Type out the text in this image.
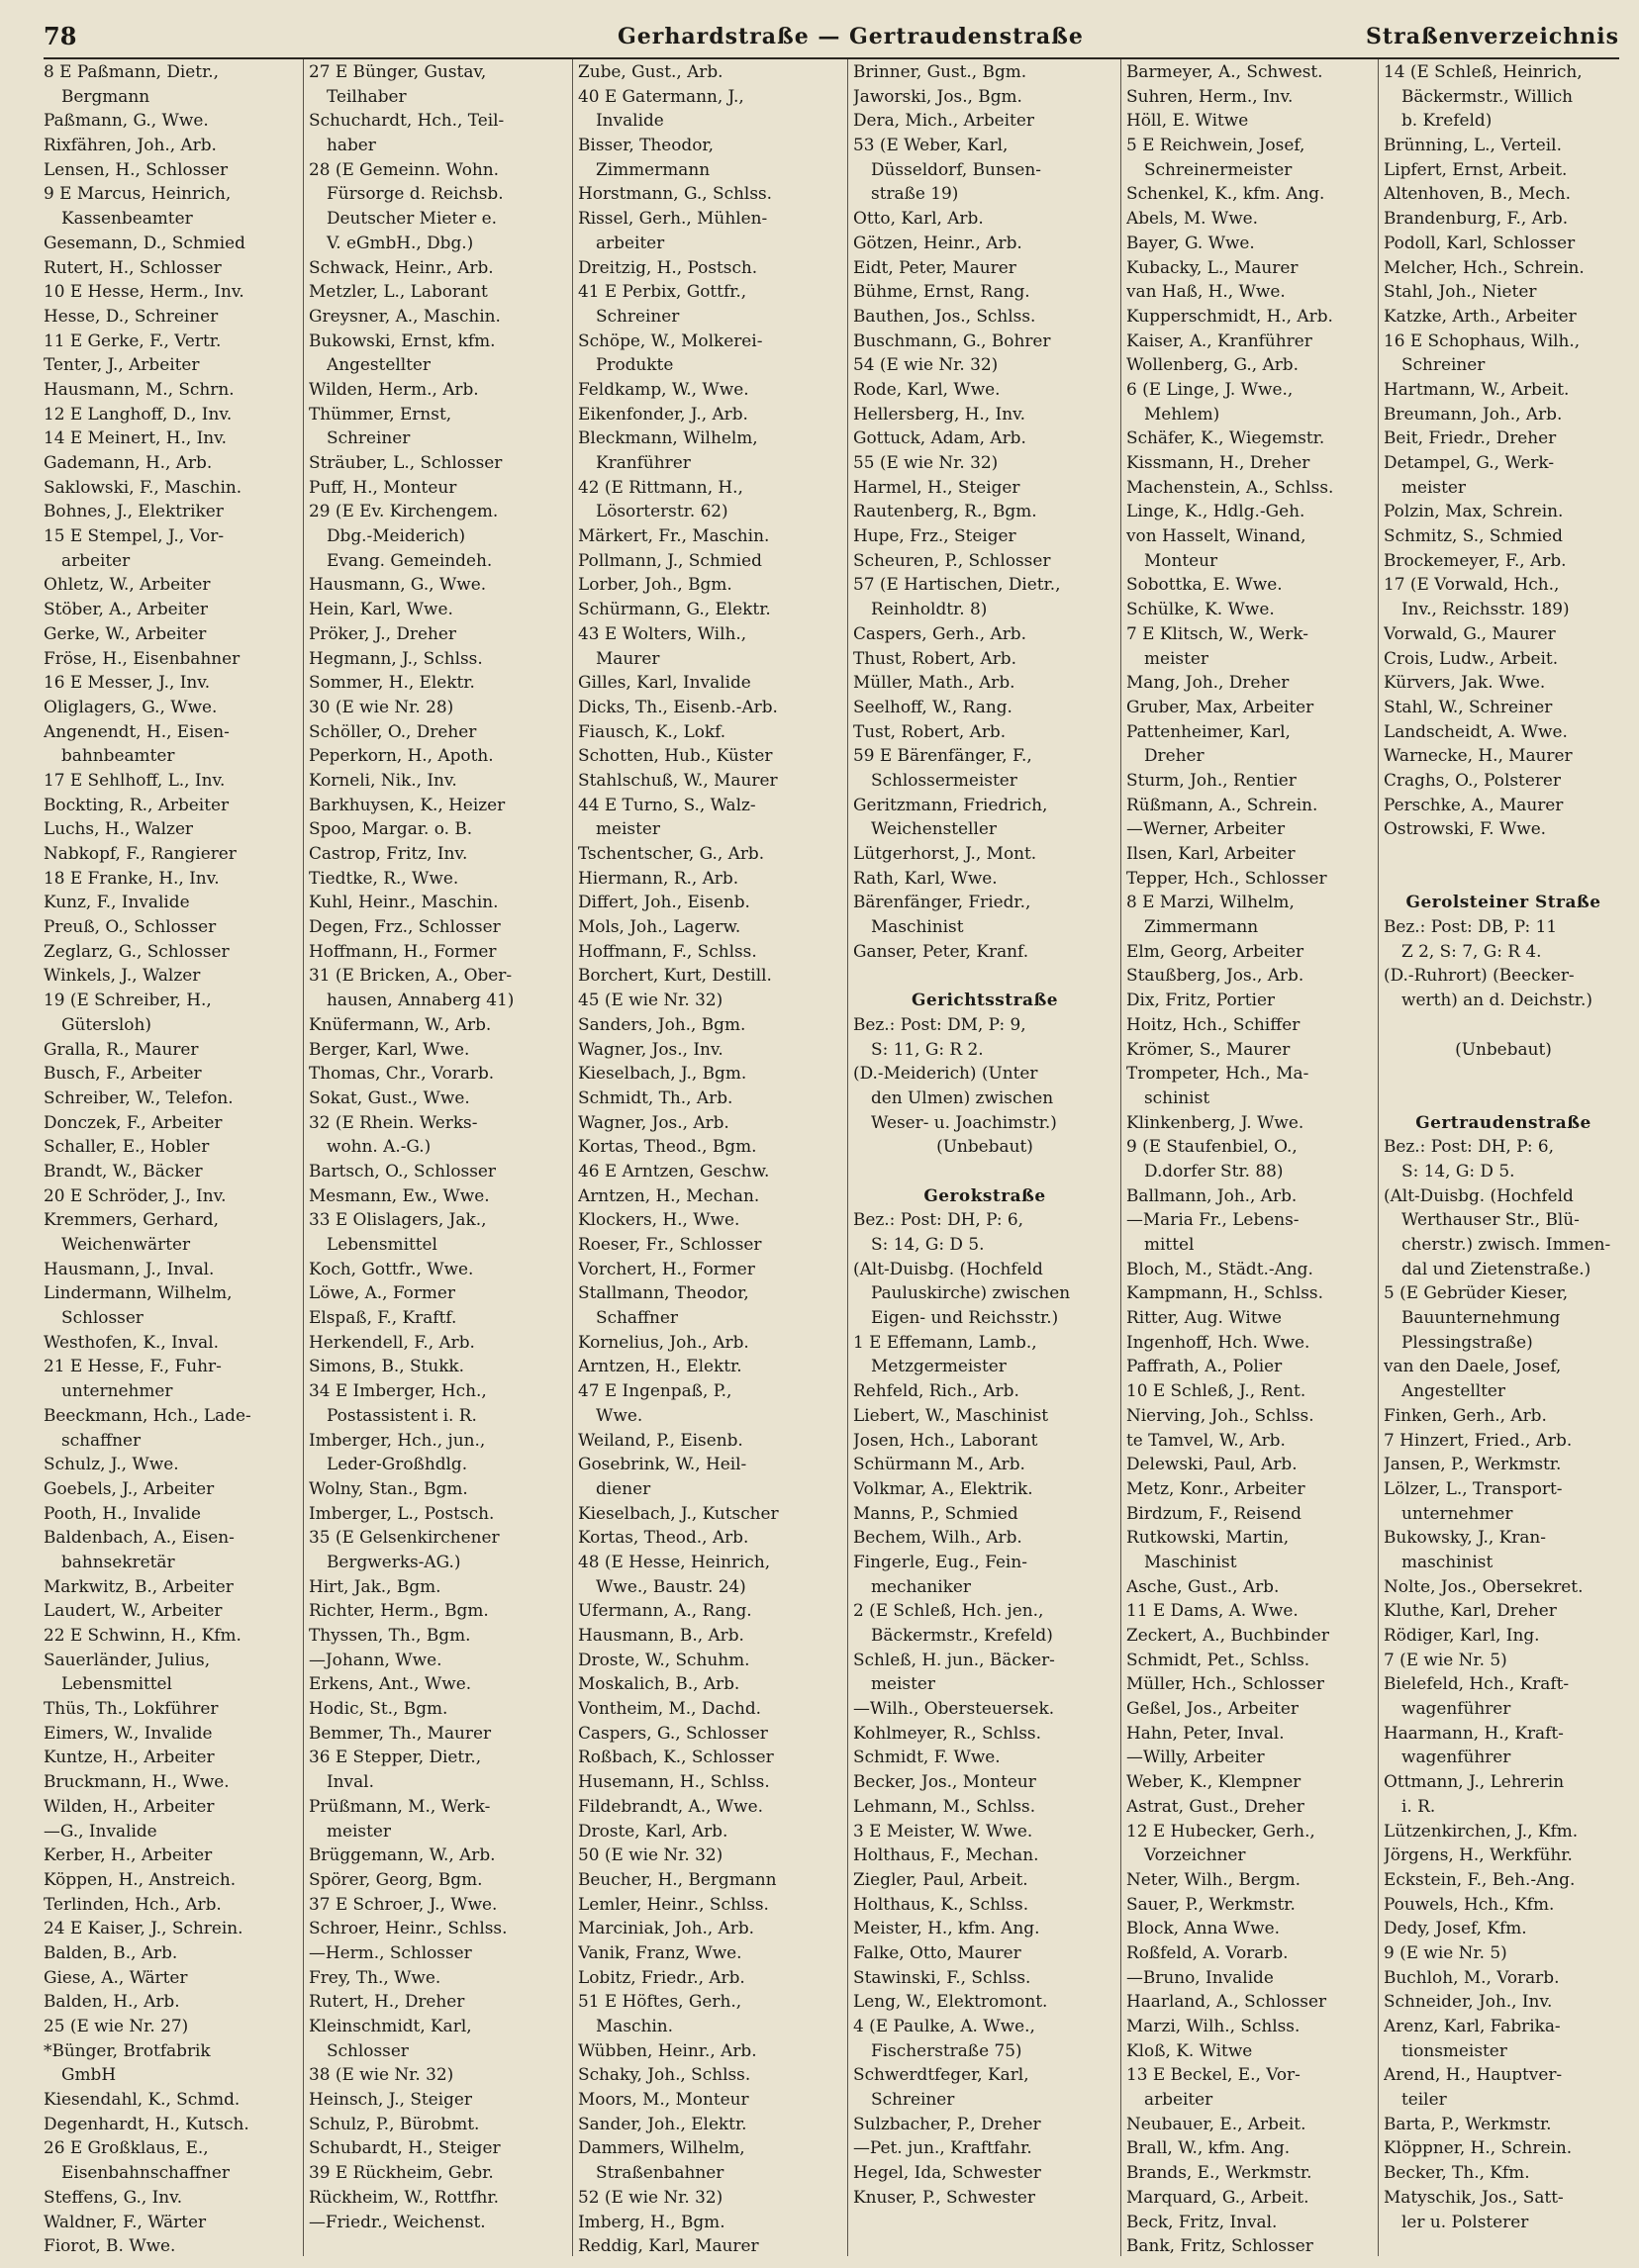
78	Gerhardstraße — Gertraudenstraße	Straßenverzeichnis
8 E Paßmann, Dietr.,
Bergmann
Paßmann, G., Wwe.
Rixfähren, Joh., Arb.
Lensen, H., Schlosser
9 E Marcus, Heinrich,
Kassenbeamter
Gesemann, D., Schmied
Rutert, H., Schlosser
10 E Hesse, Herm., Inv.
Hesse, D., Schreiner
11 E Gerke, F., Vertr.
Tenter, J., Arbeiter
Hausmann, M., Schrn.
12 E Langhoff, D., Inv.
14 E Meinert, H., Inv.
Gademann, H., Arb.
Saklowski, F., Maschin.
Bohnes, J., Elektriker
15 E Stempel, J., Vor-
arbeiter
Ohletz, W., Arbeiter
Stöber, A., Arbeiter
Gerke, W., Arbeiter
Fröse, H., Eisenbahner
16 E Messer, J., Inv.
Oliglagers, G., Wwe.
Angenendt, H., Eisen-
bahnbeamter
17 E Sehlhoff, L., Inv.
Bockting, R., Arbeiter
Luchs, H., Walzer
Nabkopf, F., Rangierer
18 E Franke, H., Inv.
Kunz, F., Invalide
Preuß, O., Schlosser
Zeglarz, G., Schlosser
Winkels, J., Walzer
19 (E Schreiber, H.,
Gütersloh)
Gralla, R., Maurer
Busch, F., Arbeiter
Schreiber, W., Telefon.
Donczek, F., Arbeiter
Schaller, E., Hobler
Brandt, W., Bäcker
20 E Schröder, J., Inv.
Kremmers, Gerhard,
Weichenwärter
Hausmann, J., Inval.
Lindermann, Wilhelm,
Schlosser
Westhofen, K., Inval.
21 E Hesse, F., Fuhr-
unternehmer
Beeckmann, Hch., Lade-
schaffner
Schulz, J., Wwe.
Goebels, J., Arbeiter
Pooth, H., Invalide
Baldenbach, A., Eisen-
bahnsekretär
Markwitz, B., Arbeiter
Laudert, W., Arbeiter
22 E Schwinn, H., Kfm.
Sauerländer, Julius,
Lebensmittel
Thüs, Th., Lokführer
Eimers, W., Invalide
Kuntze, H., Arbeiter
Bruckmann, H., Wwe.
Wilden, H., Arbeiter
—G., Invalide
Kerber, H., Arbeiter
Köppen, H., Anstreich.
Terlinden, Hch., Arb.
24 E Kaiser, J., Schrein.
Balden, B., Arb.
Giese, A., Wärter
Balden, H., Arb.
25 (E wie Nr. 27)
*Bünger, Brotfabrik
GmbH
Kiesendahl, K., Schmd.
Degenhardt, H., Kutsch.
26 E Großklaus, E.,
Eisenbahnschaffner
Steffens, G., Inv.
Waldner, F., Wärter
Fiorot, B. Wwe.
27 E Bünger, Gustav,
Teilhaber
Schuchardt, Hch., Teil-
haber
28 (E Gemeinn. Wohn.
Fürsorge d. Reichsb.
Deutscher Mieter e.
V. eGmbH., Dbg.)
Schwack, Heinr., Arb.
Metzler, L., Laborant
Greysner, A., Maschin.
Bukowski, Ernst, kfm.
Angestellter
Wilden, Herm., Arb.
Thümmer, Ernst,
Schreiner
Sträuber, L., Schlosser
Puff, H., Monteur
29 (E Ev. Kirchengem.
Dbg.-Meiderich)
Evang. Gemeindeh.
Hausmann, G., Wwe.
Hein, Karl, Wwe.
Pröker, J., Dreher
Hegmann, J., Schlss.
Sommer, H., Elektr.
30 (E wie Nr. 28)
Schöller, O., Dreher
Peperkorn, H., Apoth.
Korneli, Nik., Inv.
Barkhuysen, K., Heizer
Spoo, Margar. o. B.
Castrop, Fritz, Inv.
Tiedtke, R., Wwe.
Kuhl, Heinr., Maschin.
Degen, Frz., Schlosser
Hoffmann, H., Former
31 (E Bricken, A., Ober-
hausen, Annaberg 41)
Knüfermann, W., Arb.
Berger, Karl, Wwe.
Thomas, Chr., Vorarb.
Sokat, Gust., Wwe.
32 (E Rhein. Werks-
wohn. A.-G.)
Bartsch, O., Schlosser
Mesmann, Ew., Wwe.
33 E Olislagers, Jak.,
Lebensmittel
Koch, Gottfr., Wwe.
Löwe, A., Former
Elspaß, F., Kraftf.
Herkendell, F., Arb.
Simons, B., Stukk.
34 E Imberger, Hch.,
Postassistent i. R.
Imberger, Hch., jun.,
Leder-Großhdlg.
Wolny, Stan., Bgm.
Imberger, L., Postsch.
35 (E Gelsenkirchener
Bergwerks-AG.)
Hirt, Jak., Bgm.
Richter, Herm., Bgm.
Thyssen, Th., Bgm.
—Johann, Wwe.
Erkens, Ant., Wwe.
Hodic, St., Bgm.
Bemmer, Th., Maurer
36 E Stepper, Dietr.,
Inval.
Prüßmann, M., Werk-
meister
Brüggemann, W., Arb.
Spörer, Georg, Bgm.
37 E Schroer, J., Wwe.
Schroer, Heinr., Schlss.
—Herm., Schlosser
Frey, Th., Wwe.
Rutert, H., Dreher
Kleinschmidt, Karl,
Schlosser
38 (E wie Nr. 32)
Heinsch, J., Steiger
Schulz, P., Bürobmt.
Schubardt, H., Steiger
39 E Rückheim, Gebr.
Rückheim, W., Rottfhr.
—Friedr., Weichenst.
Zube, Gust., Arb.
40 E Gatermann, J.,
Invalide
Bisser, Theodor,
Zimmermann
Horstmann, G., Schlss.
Rissel, Gerh., Mühlen-
arbeiter
Dreitzig, H., Postsch.
41 E Perbix, Gottfr.,
Schreiner
Schöpe, W., Molkerei-
Produkte
Feldkamp, W., Wwe.
Eikenfonder, J., Arb.
Bleckmann, Wilhelm,
Kranführer
42 (E Rittmann, H.,
Lösorterstr. 62)
Märkert, Fr., Maschin.
Pollmann, J., Schmied
Lorber, Joh., Bgm.
Schürmann, G., Elektr.
43 E Wolters, Wilh.,
Maurer
Gilles, Karl, Invalide
Dicks, Th., Eisenb.-Arb.
Fiausch, K., Lokf.
Schotten, Hub., Küster
Stahlschuß, W., Maurer
44 E Turno, S., Walz-
meister
Tschentscher, G., Arb.
Hiermann, R., Arb.
Differt, Joh., Eisenb.
Mols, Joh., Lagerw.
Hoffmann, F., Schlss.
Borchert, Kurt, Destill.
45 (E wie Nr. 32)
Sanders, Joh., Bgm.
Wagner, Jos., Inv.
Kieselbach, J., Bgm.
Schmidt, Th., Arb.
Wagner, Jos., Arb.
Kortas, Theod., Bgm.
46 E Arntzen, Geschw.
Arntzen, H., Mechan.
Klockers, H., Wwe.
Roeser, Fr., Schlosser
Vorchert, H., Former
Stallmann, Theodor,
Schaffner
Kornelius, Joh., Arb.
Arntzen, H., Elektr.
47 E Ingenpaß, P.,
Wwe.
Weiland, P., Eisenb.
Gosebrink, W., Heil-
diener
Kieselbach, J., Kutscher
Kortas, Theod., Arb.
48 (E Hesse, Heinrich,
Wwe., Baustr. 24)
Ufermann, A., Rang.
Hausmann, B., Arb.
Droste, W., Schuhm.
Moskalich, B., Arb.
Vontheim, M., Dachd.
Caspers, G., Schlosser
Roßbach, K., Schlosser
Husemann, H., Schlss.
Fildebrandt, A., Wwe.
Droste, Karl, Arb.
50 (E wie Nr. 32)
Beucher, H., Bergmann
Lemler, Heinr., Schlss.
Marciniak, Joh., Arb.
Vanik, Franz, Wwe.
Lobitz, Friedr., Arb.
51 E Höftes, Gerh.,
Maschin.
Wübben, Heinr., Arb.
Schaky, Joh., Schlss.
Moors, M., Monteur
Sander, Joh., Elektr.
Dammers, Wilhelm,
Straßenbahner
52 (E wie Nr. 32)
Imberg, H., Bgm.
Reddig, Karl, Maurer
Brinner, Gust., Bgm.
Jaworski, Jos., Bgm.
Dera, Mich., Arbeiter
53 (E Weber, Karl,
Düsseldorf, Bunsen-
straße 19)
Otto, Karl, Arb.
Götzen, Heinr., Arb.
Eidt, Peter, Maurer
Bühme, Ernst, Rang.
Bauthen, Jos., Schlss.
Buschmann, G., Bohrer
54 (E wie Nr. 32)
Rode, Karl, Wwe.
Hellersberg, H., Inv.
Gottuck, Adam, Arb.
55 (E wie Nr. 32)
Harmel, H., Steiger
Rautenberg, R., Bgm.
Hupe, Frz., Steiger
Scheuren, P., Schlosser
57 (E Hartischen, Dietr.,
Reinholdtr. 8)
Caspers, Gerh., Arb.
Thust, Robert, Arb.
Müller, Math., Arb.
Seelhoff, W., Rang.
Tust, Robert, Arb.
59 E Bärenfänger, F.,
Schlossermeister
Geritzmann, Friedrich,
Weichensteller
Lütgerhorst, J., Mont.
Rath, Karl, Wwe.
Bärenfänger, Friedr.,
Maschinist
Ganser, Peter, Kranf.
Gerichtsstraße
Bez.: Post: DM, P: 9,
S: 11, G: R 2.
(D.-Meiderich) (Unter
den Ulmen) zwischen
Weser- u. Joachimstr.)
(Unbebaut)
Gerokstraße
Bez.: Post: DH, P: 6,
S: 14, G: D 5.
(Alt-Duisbg. (Hochfeld
Pauluskirche) zwischen
Eigen- und Reichsstr.)
1 E Effemann, Lamb.,
Metzgermeister
Rehfeld, Rich., Arb.
Liebert, W., Maschinist
Josen, Hch., Laborant
Schürmann M., Arb.
Volkmar, A., Elektrik.
Manns, P., Schmied
Bechem, Wilh., Arb.
Fingerle, Eug., Fein-
mechaniker
2 (E Schleß, Hch. jen.,
Bäckermstr., Krefeld)
Schleß, H. jun., Bäcker-
meister
—Wilh., Obersteuersek.
Kohlmeyer, R., Schlss.
Schmidt, F. Wwe.
Becker, Jos., Monteur
Lehmann, M., Schlss.
3 E Meister, W. Wwe.
Holthaus, F., Mechan.
Ziegler, Paul, Arbeit.
Holthaus, K., Schlss.
Meister, H., kfm. Ang.
Falke, Otto, Maurer
Stawinski, F., Schlss.
Leng, W., Elektromont.
4 (E Paulke, A. Wwe.,
Fischerstraße 75)
Schwerdtfeger, Karl,
Schreiner
Sulzbacher, P., Dreher
—Pet. jun., Kraftfahr.
Hegel, Ida, Schwester
Knuser, P., Schwester
Barmeyer, A., Schwest.
Suhren, Herm., Inv.
Höll, E. Witwe
5 E Reichwein, Josef,
Schreinermeister
Schenkel, K., kfm. Ang.
Abels, M. Wwe.
Bayer, G. Wwe.
Kubacky, L., Maurer
van Haß, H., Wwe.
Kupperschmidt, H., Arb.
Kaiser, A., Kranführer
Wollenberg, G., Arb.
6 (E Linge, J. Wwe.,
Mehlem)
Schäfer, K., Wiegemstr.
Kissmann, H., Dreher
Machenstein, A., Schlss.
Linge, K., Hdlg.-Geh.
von Hasselt, Winand,
Monteur
Sobottka, E. Wwe.
Schülke, K. Wwe.
7 E Klitsch, W., Werk-
meister
Mang, Joh., Dreher
Gruber, Max, Arbeiter
Pattenheimer, Karl,
Dreher
Sturm, Joh., Rentier
Rüßmann, A., Schrein.
—Werner, Arbeiter
Ilsen, Karl, Arbeiter
Tepper, Hch., Schlosser
8 E Marzi, Wilhelm,
Zimmermann
Elm, Georg, Arbeiter
Staußberg, Jos., Arb.
Dix, Fritz, Portier
Hoitz, Hch., Schiffer
Krömer, S., Maurer
Trompeter, Hch., Ma-
schinist
Klinkenberg, J. Wwe.
9 (E Staufenbiel, O.,
D.dorfer Str. 88)
Ballmann, Joh., Arb.
—Maria Fr., Lebens-
mittel
Bloch, M., Städt.-Ang.
Kampmann, H., Schlss.
Ritter, Aug. Witwe
Ingenhoff, Hch. Wwe.
Paffrath, A., Polier
10 E Schleß, J., Rent.
Nierving, Joh., Schlss.
te Tamvel, W., Arb.
Delewski, Paul, Arb.
Metz, Konr., Arbeiter
Birdzum, F., Reisend
Rutkowski, Martin,
Maschinist
Asche, Gust., Arb.
11 E Dams, A. Wwe.
Zeckert, A., Buchbinder
Schmidt, Pet., Schlss.
Müller, Hch., Schlosser
Geßel, Jos., Arbeiter
Hahn, Peter, Inval.
—Willy, Arbeiter
Weber, K., Klempner
Astrat, Gust., Dreher
12 E Hubecker, Gerh.,
Vorzeichner
Neter, Wilh., Bergm.
Sauer, P., Werkmstr.
Block, Anna Wwe.
Roßfeld, A. Vorarb.
—Bruno, Invalide
Haarland, A., Schlosser
Marzi, Wilh., Schlss.
Kloß, K. Witwe
13 E Beckel, E., Vor-
arbeiter
Neubauer, E., Arbeit.
Brall, W., kfm. Ang.
Brands, E., Werkmstr.
Marquard, G., Arbeit.
Beck, Fritz, Inval.
Bank, Fritz, Schlosser
14 (E Schleß, Heinrich,
Bäckermstr., Willich
b. Krefeld)
Brünning, L., Verteil.
Lipfert, Ernst, Arbeit.
Altenhoven, B., Mech.
Brandenburg, F., Arb.
Podoll, Karl, Schlosser
Melcher, Hch., Schrein.
Stahl, Joh., Nieter
Katzke, Arth., Arbeiter
16 E Schophaus, Wilh.,
Schreiner
Hartmann, W., Arbeit.
Breumann, Joh., Arb.
Beit, Friedr., Dreher
Detampel, G., Werk-
meister
Polzin, Max, Schrein.
Schmitz, S., Schmied
Brockemeyer, F., Arb.
17 (E Vorwald, Hch.,
Inv., Reichsstr. 189)
Vorwald, G., Maurer
Crois, Ludw., Arbeit.
Kürvers, Jak. Wwe.
Stahl, W., Schreiner
Landscheidt, A. Wwe.
Warnecke, H., Maurer
Craghs, O., Polsterer
Perschke, A., Maurer
Ostrowski, F. Wwe.
Gerolsteiner Straße
Bez.: Post: DB, P: 11
Z 2, S: 7, G: R 4.
(D.-Ruhrort) (Beecker-
werth) an d. Deichstr.)
(Unbebaut)
Gertraudenstraße
Bez.: Post: DH, P: 6,
S: 14, G: D 5.
(Alt-Duisbg. (Hochfeld
Werthauser Str., Blü-
cherstr.) zwisch. Immen-
dal und Zietenstraße.)
5 (E Gebrüder Kieser,
Bauunternehmung
Plessingstraße)
van den Daele, Josef,
Angestellter
Finken, Gerh., Arb.
7 Hinzert, Fried., Arb.
Jansen, P., Werkmstr.
Lölzer, L., Transport-
unternehmer
Bukowsky, J., Kran-
maschinist
Nolte, Jos., Obersekret.
Kluthe, Karl, Dreher
Rödiger, Karl, Ing.
7 (E wie Nr. 5)
Bielefeld, Hch., Kraft-
wagenführer
Haarmann, H., Kraft-
wagenführer
Ottmann, J., Lehrerin
i. R.
Lützenkirchen, J., Kfm.
Jörgens, H., Werkführ.
Eckstein, F., Beh.-Ang.
Pouwels, Hch., Kfm.
Dedy, Josef, Kfm.
9 (E wie Nr. 5)
Buchloh, M., Vorarb.
Schneider, Joh., Inv.
Arenz, Karl, Fabrika-
tionsmeister
Arend, H., Hauptver-
teiler
Barta, P., Werkmstr.
Klöppner, H., Schrein.
Becker, Th., Kfm.
Matyschik, Jos., Satt-
ler u. Polsterer
